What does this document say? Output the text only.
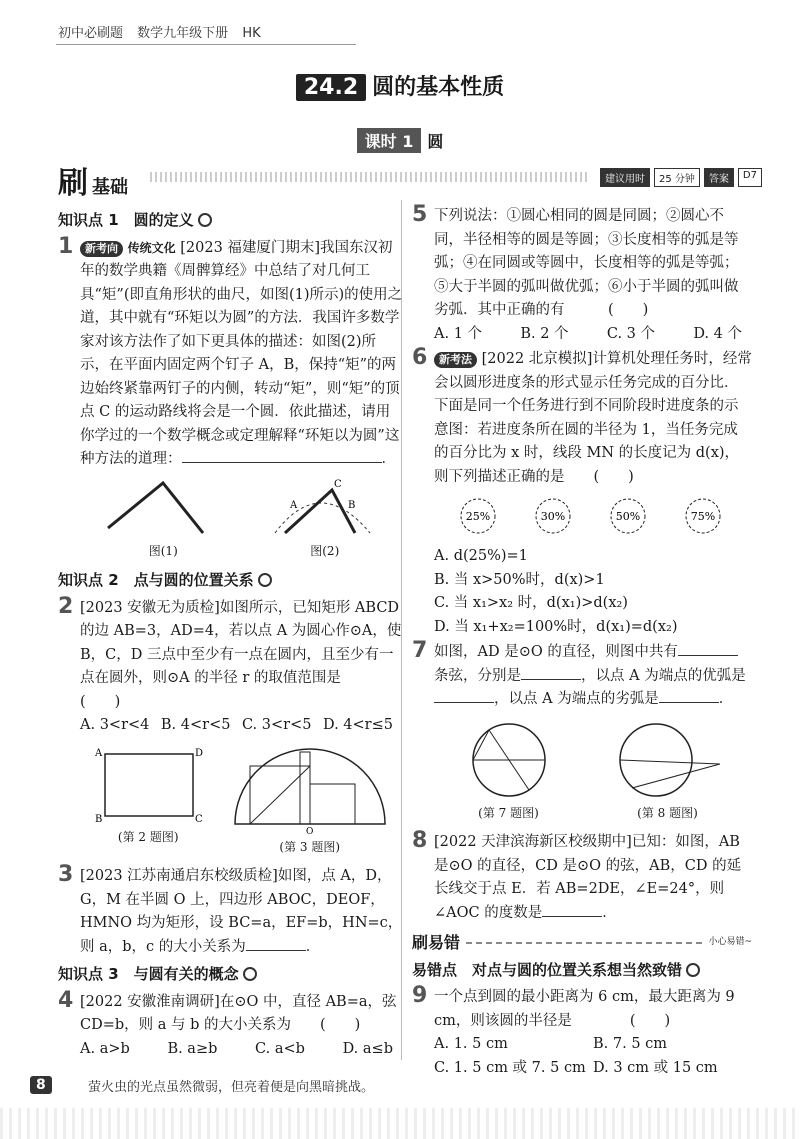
初中必刷题 数学九年级下册 HK
24.2 圆的基本性质
课时 1 圆
刷基础	建议用时	25 分钟	答案	D7
知识点 1　圆的定义
1 新考向 传统文化 [2023 福建厦门期末]我国东汉初年的数学典籍《周髀算经》中总结了对几何工具“矩”(即直角形状的曲尺，如图(1)所示)的使用之道，其中就有“环矩以为圆”的方法．我国许多数学家对该方法作了如下更具体的描述：如图(2)所示，在平面内固定两个钉子 A，B，保持“矩”的两边始终紧靠两钉子的内侧，转动“矩”，则“矩”的顶点 C 的运动路线将会是一个圆．依此描述，请用你学过的一个数学概念或定理解释“环矩以为圆”这种方法的道理：	．
图(1)
A	B
C
图(2)
知识点 2　点与圆的位置关系
2 [2023 安徽无为质检]如图所示，已知矩形 ABCD 的边 AB=3，AD=4，若以点 A 为圆心作⊙A，使 B，C，D 三点中至少有一点在圆内，且至少有一点在圆外，则⊙A 的半径 r 的取值范围是　　(　　)
A. 3<r<4 B. 4<r<5 C. 3<r<5 D. 4<r≤5
A	D
B	C
(第 2 题图)	O
(第 3 题图)
3 [2023 江苏南通启东校级质检]如图，点 A，D，G，M 在半圆 O 上，四边形 ABOC，DEOF，HMNO 均为矩形，设 BC=a，EF=b，HN=c，则 a，b，c 的大小关系为	．
知识点 3　与圆有关的概念
4 [2022 安徽淮南调研]在⊙O 中，直径 AB=a，弦 CD=b，则 a 与 b 的大小关系为　　(　　)
A. a>b	B. a≥b	C. a<b	D. a≤b
5 下列说法：①圆心相同的圆是同圆；②圆心不同，半径相等的圆是等圆；③长度相等的弧是等弧；④在同圆或等圆中，长度相等的弧是等弧；⑤大于半圆的弧叫做优弧；⑥小于半圆的弧叫做劣弧．其中正确的有　　　(　　)
A. 1 个	B. 2 个	C. 3 个	D. 4 个
6 新考法 [2022 北京模拟]计算机处理任务时，经常会以圆形进度条的形式显示任务完成的百分比．下面是同一个任务进行到不同阶段时进度条的示意图：若进度条所在圆的半径为 1，当任务完成的百分比为 x 时，线段 MN 的长度记为 d(x)，则下列描述正确的是　　(　　)
25%	30%	50%	75%
A. d(25%)=1
B. 当 x>50%时，d(x)>1
C. 当 x₁>x₂ 时，d(x₁)>d(x₂)
D. 当 x₁+x₂=100%时，d(x₁)=d(x₂)
7 如图，AD 是⊙O 的直径，则图中共有条弦，分别是	，以点 A 为端点的优弧是，以点 A 为端点的劣弧是	．
(第 7 题图)	(第 8 题图)
8 [2022 天津滨海新区校级期中]已知：如图，AB 是⊙O 的直径，CD 是⊙O 的弦，AB，CD 的延长线交于点 E．若 AB=2DE，∠E=24°，则∠AOC 的度数是	．
刷易错	小心易错~
易错点　对点与圆的位置关系想当然致错
9 一个点到圆的最小距离为 6 cm，最大距离为 9 cm，则该圆的半径是　　　　(　　)
A. 1. 5 cm	B. 7. 5 cm
C. 1. 5 cm 或 7. 5 cm D. 3 cm 或 15 cm
8	萤火虫的光点虽然微弱，但亮着便是向黑暗挑战。
